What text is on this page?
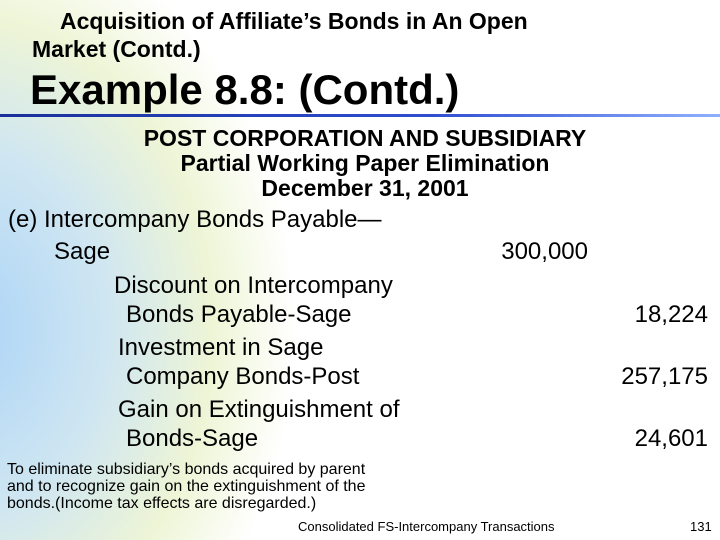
Acquisition of Affiliate’s Bonds in An Open
Market (Contd.)
Example 8.8: (Contd.)
POST CORPORATION AND SUBSIDIARY
Partial Working Paper Elimination
December 31, 2001
(e) Intercompany Bonds Payable—
Sage	300,000
Discount on Intercompany
Bonds Payable-Sage	18,224
Investment in Sage
Company Bonds-Post	257,175
Gain on Extinguishment of
Bonds-Sage	24,601
To eliminate subsidiary’s bonds acquired by parent
and to recognize gain on the extinguishment of the
bonds.(Income tax effects are disregarded.)
Consolidated FS-Intercompany Transactions	131
